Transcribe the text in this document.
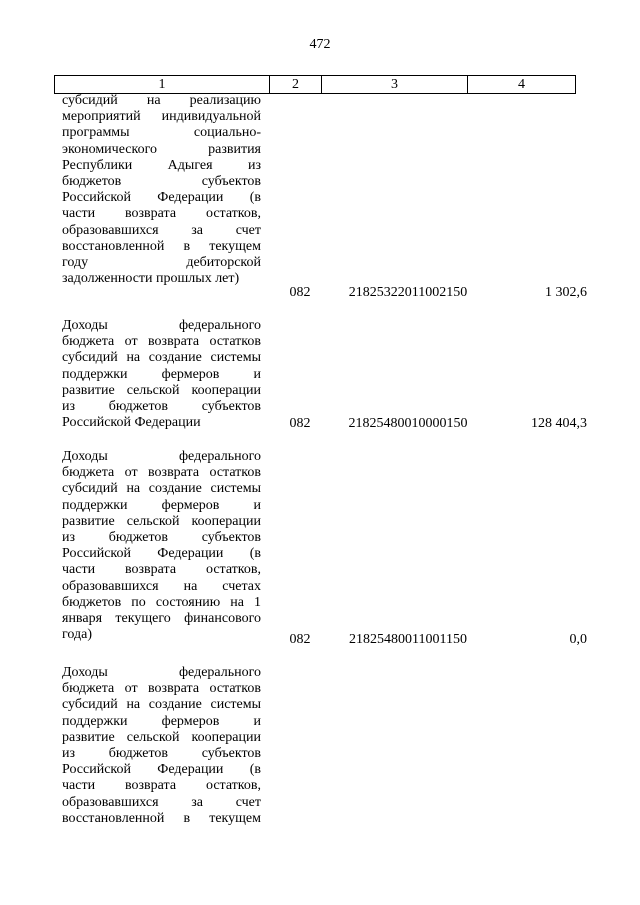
472
1	2	3	4
субсидий на реализацию
мероприятий индивидуальной
программы социально-
экономического развития
Республики Адыгея из
бюджетов субъектов
Российской Федерации (в
части возврата остатков,
образовавшихся за счет
восстановленной в текущем
году дебиторской
задолженности прошлых лет)
082	21825322011002150	1 302,6
Доходы федерального
бюджета от возврата остатков
субсидий на создание системы
поддержки фермеров и
развитие сельской кооперации
из бюджетов субъектов
Российской Федерации	082	21825480010000150	128 404,3
Доходы федерального
бюджета от возврата остатков
субсидий на создание системы
поддержки фермеров и
развитие сельской кооперации
из бюджетов субъектов
Российской Федерации (в
части возврата остатков,
образовавшихся на счетах
бюджетов по состоянию на 1
января текущего финансового
года)	082	21825480011001150	0,0
Доходы федерального
бюджета от возврата остатков
субсидий на создание системы
поддержки фермеров и
развитие сельской кооперации
из бюджетов субъектов
Российской Федерации (в
части возврата остатков,
образовавшихся за счет
восстановленной в текущем
